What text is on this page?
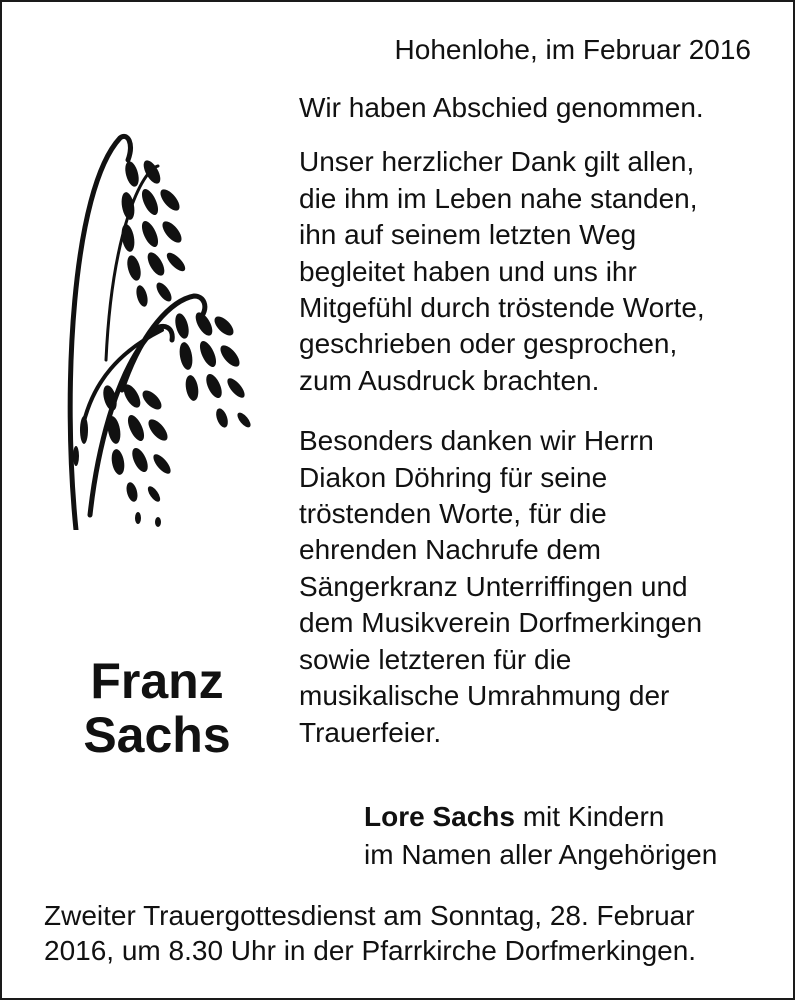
Hohenlohe, im Februar 2016

Wir haben Abschied genommen.

Unser herzlicher Dank gilt allen,
die ihm im Leben nahe standen,
ihn auf seinem letzten Weg
begleitet haben und uns ihr
Mitgefühl durch tröstende Worte,
geschrieben oder gesprochen,
zum Ausdruck brachten.

Besonders danken wir Herrn
Diakon Döhring für seine
tröstenden Worte, für die
ehrenden Nachrufe dem
Sängerkranz Unterriffingen und
dem Musikverein Dorfmerkingen
sowie letzteren für die
musikalische Umrahmung der
Trauerfeier.

Franz
Sachs
Lore Sachs mit Kindern
im Namen aller Angehörigen
Zweiter Trauergottesdienst am Sonntag, 28. Februar
2016, um 8.30 Uhr in der Pfarrkirche Dorfmerkingen.
